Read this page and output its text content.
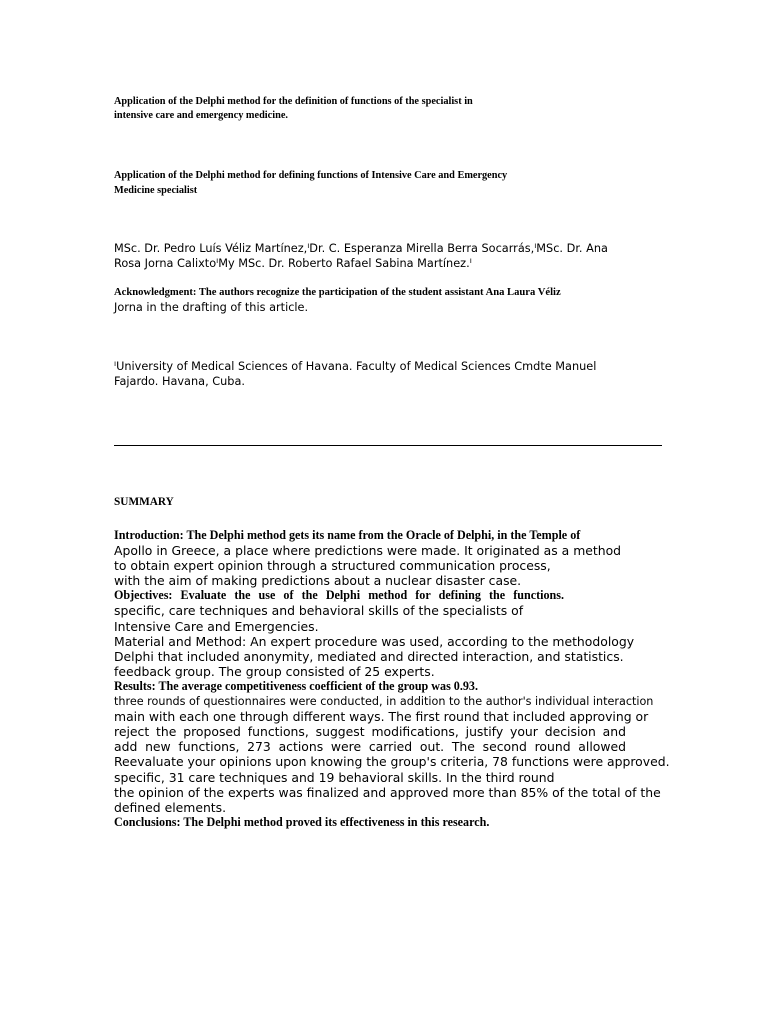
Application of the Delphi method for the definition of functions of the specialist in
intensive care and emergency medicine.
Application of the Delphi method for defining functions of Intensive Care and Emergency
Medicine specialist
MSc. Dr. Pedro Luís Véliz Martínez,ᴵDr. C. Esperanza Mirella Berra Socarrás,ᴵMSc. Dr. Ana
Rosa Jorna CalixtoᴵMy MSc. Dr. Roberto Rafael Sabina Martínez.ᴵ
Acknowledgment: The authors recognize the participation of the student assistant Ana Laura Véliz
Jorna in the drafting of this article.
ᴵUniversity of Medical Sciences of Havana. Faculty of Medical Sciences Cmdte Manuel
Fajardo. Havana, Cuba.
SUMMARY
Introduction: The Delphi method gets its name from the Oracle of Delphi, in the Temple of
Apollo in Greece, a place where predictions were made. It originated as a method
to obtain expert opinion through a structured communication process,
with the aim of making predictions about a nuclear disaster case.
Objectives: Evaluate the use of the Delphi method for defining the functions.
specific, care techniques and behavioral skills of the specialists of
Intensive Care and Emergencies.
Material and Method: An expert procedure was used, according to the methodology
Delphi that included anonymity, mediated and directed interaction, and statistics.
feedback group. The group consisted of 25 experts.
Results: The average competitiveness coefficient of the group was 0.93.
three rounds of questionnaires were conducted, in addition to the author's individual interaction
main with each one through different ways. The first round that included approving or
reject the proposed functions, suggest modifications, justify your decision and
add new functions, 273 actions were carried out. The second round allowed
Reevaluate your opinions upon knowing the group's criteria, 78 functions were approved.
specific, 31 care techniques and 19 behavioral skills. In the third round
the opinion of the experts was finalized and approved more than 85% of the total of the
defined elements.
Conclusions: The Delphi method proved its effectiveness in this research.
